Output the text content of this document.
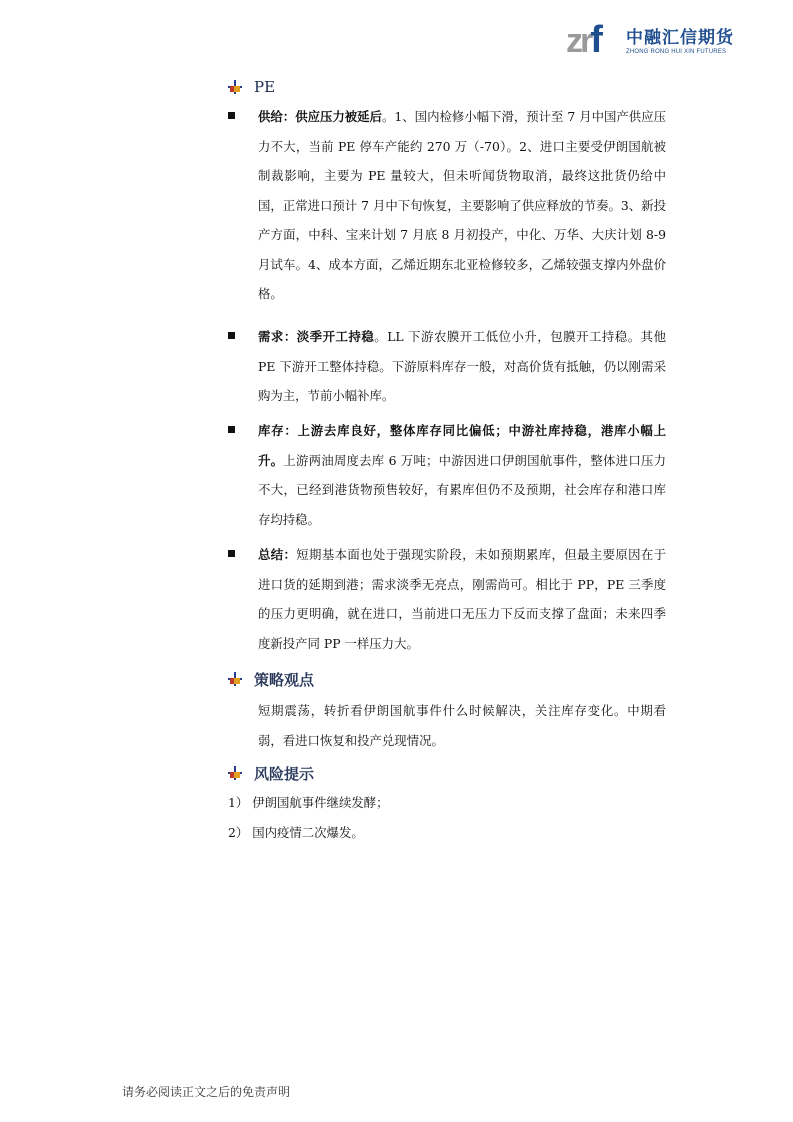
zrf 中融汇信期货
ZHONG RONG HUI XIN FUTURES
PE
供给：供应压力被延后。1、国内检修小幅下滑，预计至 7 月中国产供应压力不大，当前 PE 停车产能约 270 万（-70）。2、进口主要受伊朗国航被制裁影响，主要为 PE 量较大，但未听闻货物取消，最终这批货仍给中国，正常进口预计 7 月中下旬恢复，主要影响了供应释放的节奏。3、新投产方面，中科、宝来计划 7 月底 8 月初投产，中化、万华、大庆计划 8-9 月试车。4、成本方面，乙烯近期东北亚检修较多，乙烯较强支撑内外盘价格。
需求：淡季开工持稳。LL 下游农膜开工低位小升，包膜开工持稳。其他 PE 下游开工整体持稳。下游原料库存一般，对高价货有抵触，仍以刚需采购为主，节前小幅补库。
库存：上游去库良好，整体库存同比偏低；中游社库持稳，港库小幅上升。上游两油周度去库 6 万吨；中游因进口伊朗国航事件，整体进口压力不大，已经到港货物预售较好，有累库但仍不及预期，社会库存和港口库存均持稳。
总结：短期基本面也处于强现实阶段，未如预期累库，但最主要原因在于进口货的延期到港；需求淡季无亮点，刚需尚可。相比于 PP，PE 三季度的压力更明确，就在进口，当前进口无压力下反而支撑了盘面；未来四季度新投产同 PP 一样压力大。
策略观点
短期震荡，转折看伊朗国航事件什么时候解决，关注库存变化。中期看弱，看进口恢复和投产兑现情况。
风险提示
1） 伊朗国航事件继续发酵；
2） 国内疫情二次爆发。
请务必阅读正文之后的免责声明
